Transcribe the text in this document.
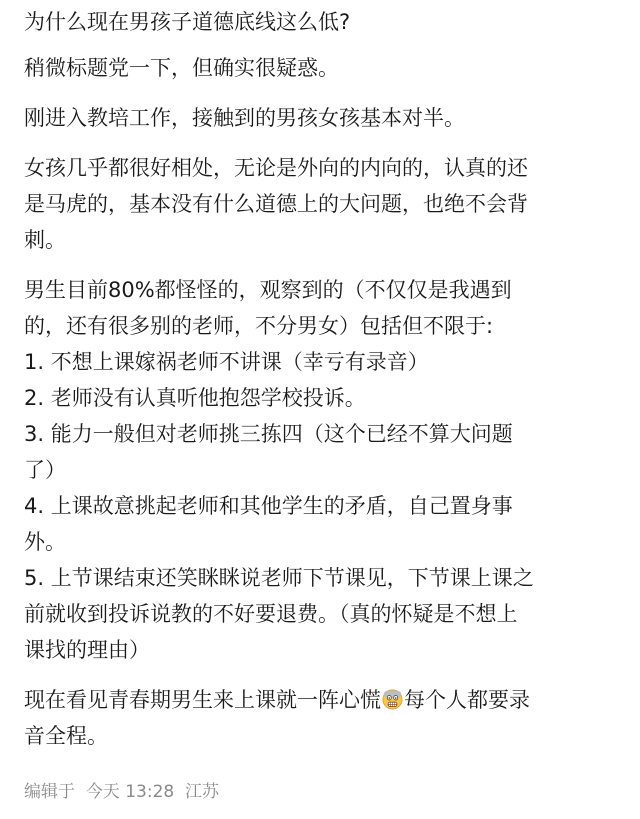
为什么现在男孩子道德底线这么低?

稍微标题党一下，但确实很疑惑。

刚进入教培工作，接触到的男孩女孩基本对半。

女孩几乎都很好相处，无论是外向的内向的，认真的还
是马虎的，基本没有什么道德上的大问题，也绝不会背
刺。

男生目前80%都怪怪的，观察到的（不仅仅是我遇到
的，还有很多别的老师，不分男女）包括但不限于:
1. 不想上课嫁祸老师不讲课（幸亏有录音）
2. 老师没有认真听他抱怨学校投诉。
3. 能力一般但对老师挑三拣四（这个已经不算大问题
了）
4. 上课故意挑起老师和其他学生的矛盾，自己置身事
外。
5. 上节课结束还笑眯眯说老师下节课见，下节课上课之
前就收到投诉说教的不好要退费。（真的怀疑是不想上
课找的理由）

现在看见青春期男生来上课就一阵心慌 每个人都要录
音全程。

编辑于 今天 13:28 江苏
